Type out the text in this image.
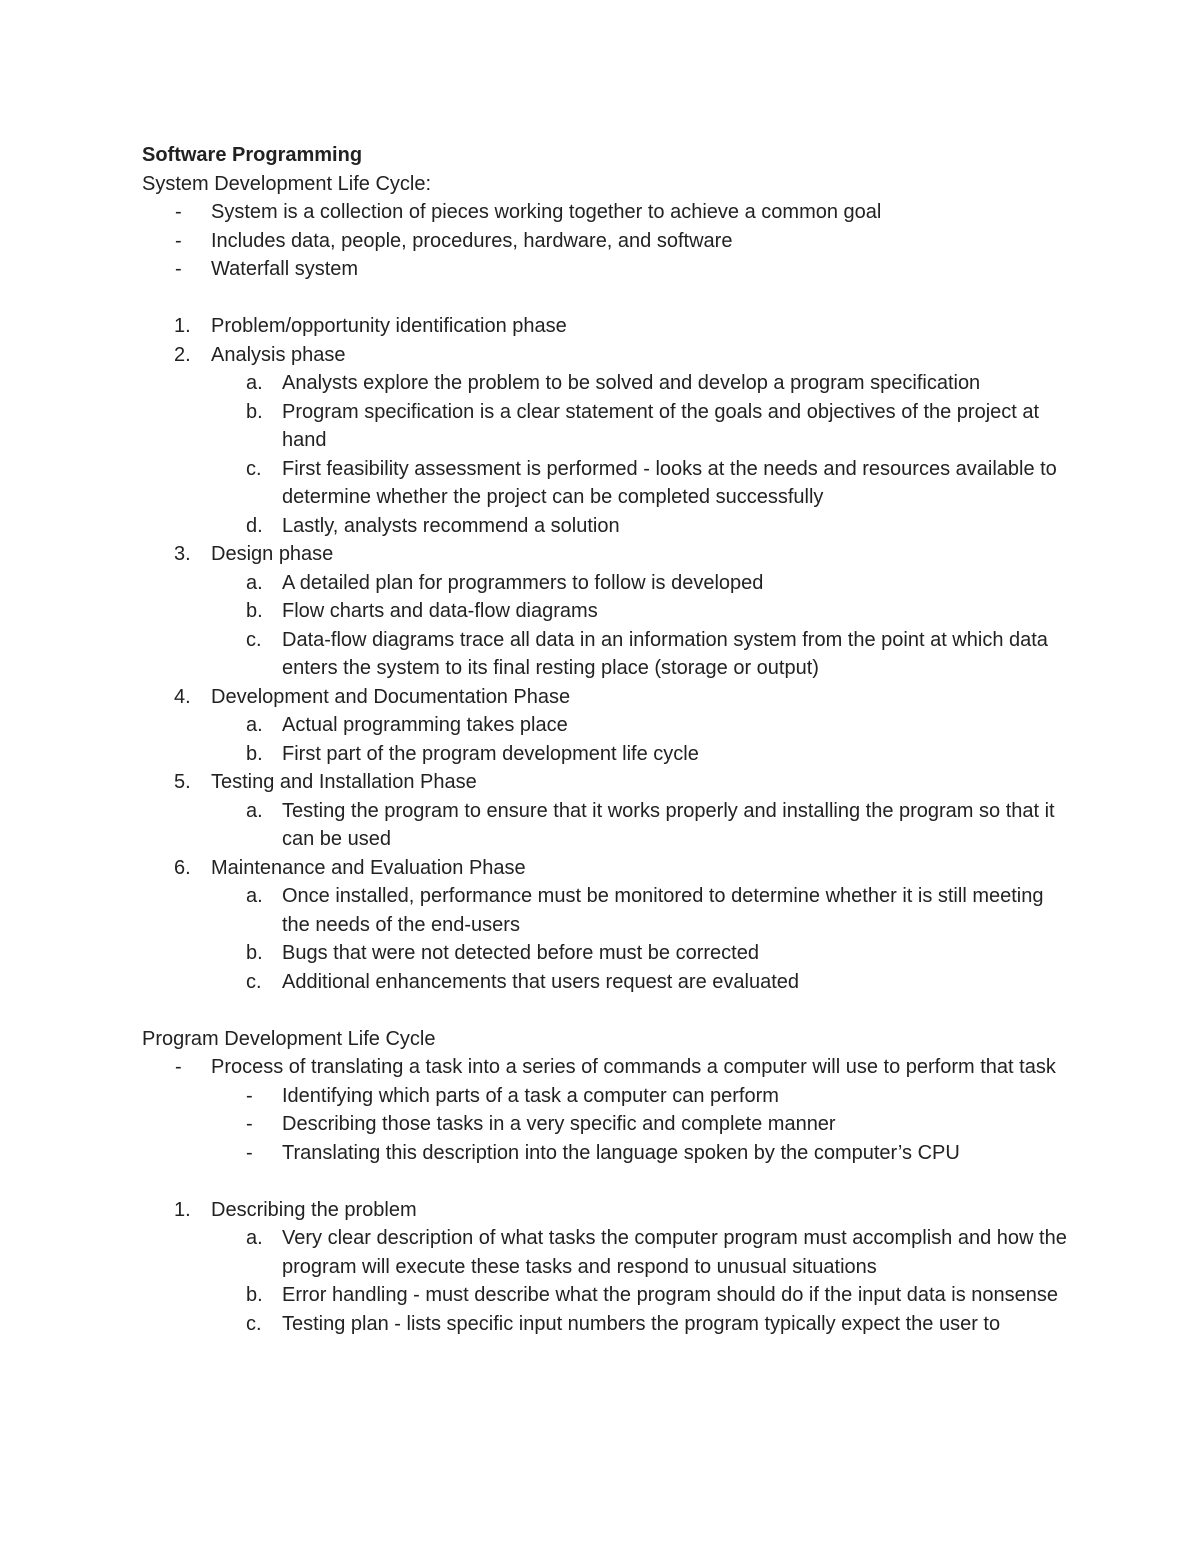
Software Programming
System Development Life Cycle:
- System is a collection of pieces working together to achieve a common goal
- Includes data, people, procedures, hardware, and software
- Waterfall system
1. Problem/opportunity identification phase
2. Analysis phase
a. Analysts explore the problem to be solved and develop a program specification
b. Program specification is a clear statement of the goals and objectives of the project at hand
c. First feasibility assessment is performed - looks at the needs and resources available to determine whether the project can be completed successfully
d. Lastly, analysts recommend a solution
3. Design phase
a. A detailed plan for programmers to follow is developed
b. Flow charts and data-flow diagrams
c. Data-flow diagrams trace all data in an information system from the point at which data enters the system to its final resting place (storage or output)
4. Development and Documentation Phase
a. Actual programming takes place
b. First part of the program development life cycle
5. Testing and Installation Phase
a. Testing the program to ensure that it works properly and installing the program so that it can be used
6. Maintenance and Evaluation Phase
a. Once installed, performance must be monitored to determine whether it is still meeting the needs of the end-users
b. Bugs that were not detected before must be corrected
c. Additional enhancements that users request are evaluated
Program Development Life Cycle
- Process of translating a task into a series of commands a computer will use to perform that task
- Identifying which parts of a task a computer can perform
- Describing those tasks in a very specific and complete manner
- Translating this description into the language spoken by the computer’s CPU
1. Describing the problem
a. Very clear description of what tasks the computer program must accomplish and how the program will execute these tasks and respond to unusual situations
b. Error handling - must describe what the program should do if the input data is nonsense
c. Testing plan - lists specific input numbers the program typically expect the user to
